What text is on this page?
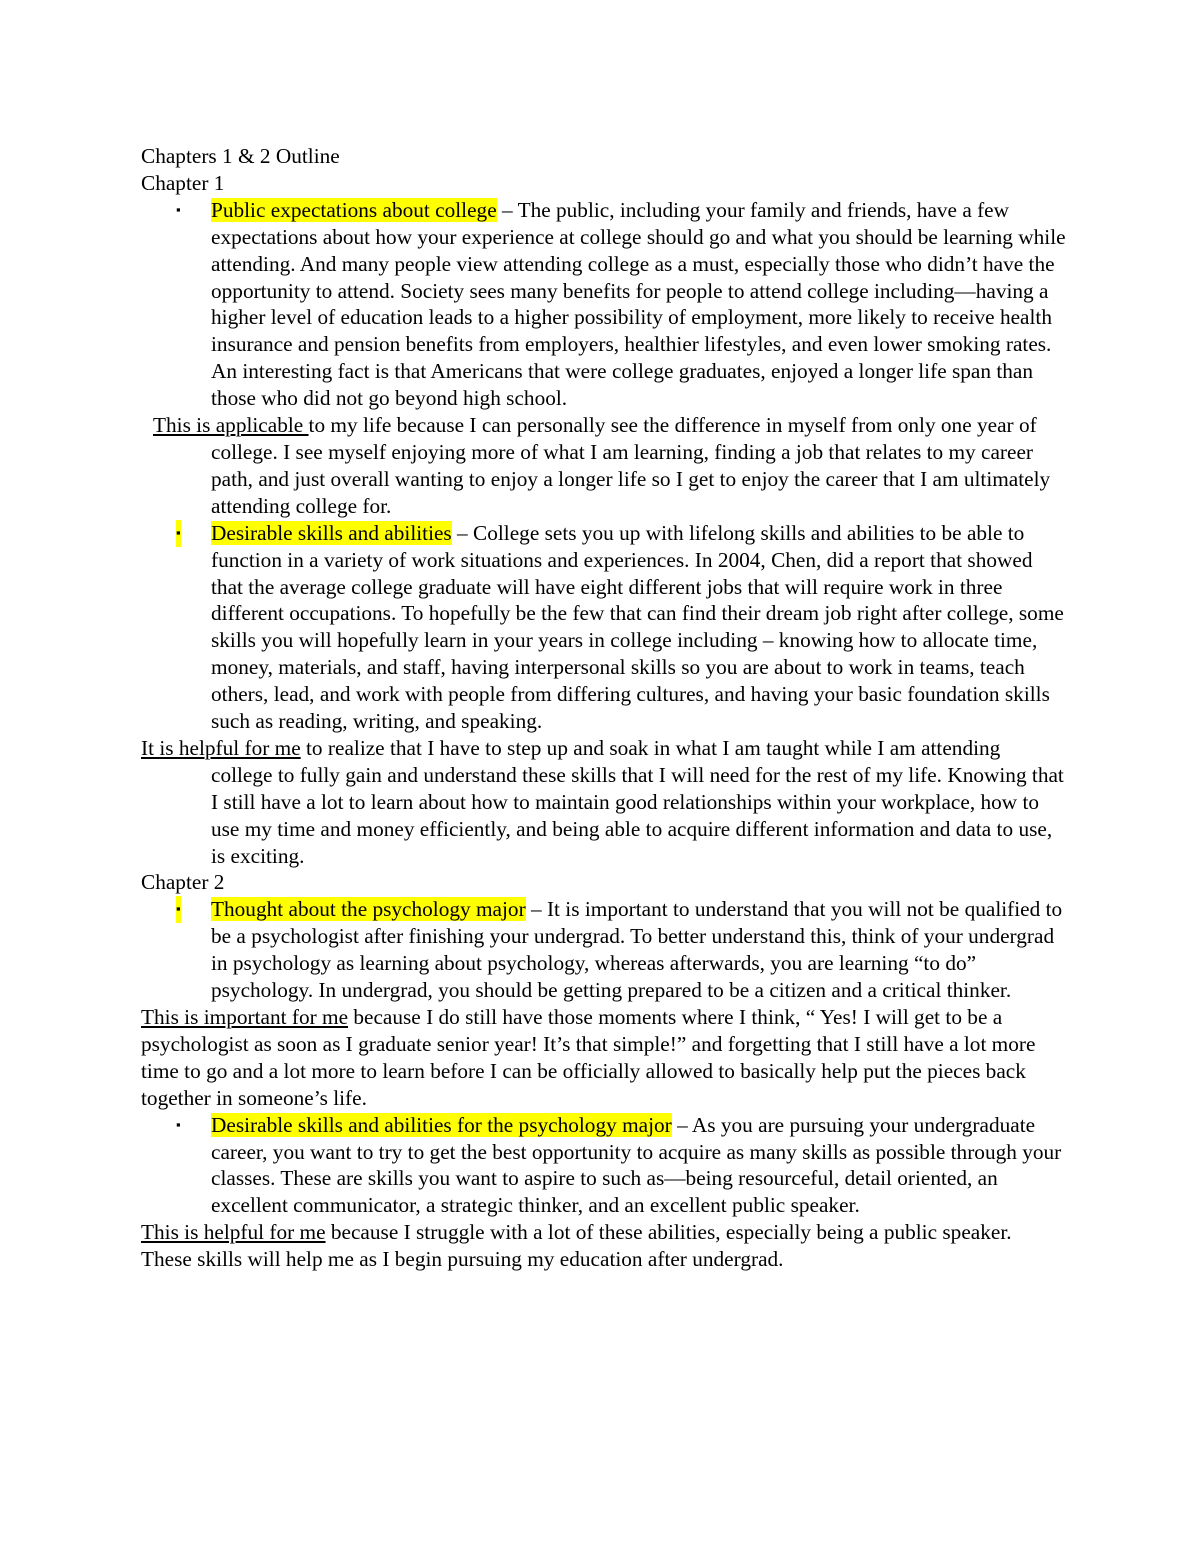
Chapters 1 & 2 Outline

Chapter 1

▪ Public expectations about college – The public, including your family and friends, have a few expectations about how your experience at college should go and what you should be learning while attending. And many people view attending college as a must, especially those who didn’t have the opportunity to attend. Society sees many benefits for people to attend college including—having a higher level of education leads to a higher possibility of employment, more likely to receive health insurance and pension benefits from employers, healthier lifestyles, and even lower smoking rates. An interesting fact is that Americans that were college graduates, enjoyed a longer life span than those who did not go beyond high school.

This is applicable to my life because I can personally see the difference in myself from only one year of college. I see myself enjoying more of what I am learning, finding a job that relates to my career path, and just overall wanting to enjoy a longer life so I get to enjoy the career that I am ultimately attending college for.

▪ Desirable skills and abilities – College sets you up with lifelong skills and abilities to be able to function in a variety of work situations and experiences. In 2004, Chen, did a report that showed that the average college graduate will have eight different jobs that will require work in three different occupations. To hopefully be the few that can find their dream job right after college, some skills you will hopefully learn in your years in college including – knowing how to allocate time, money, materials, and staff, having interpersonal skills so you are about to work in teams, teach others, lead, and work with people from differing cultures, and having your basic foundation skills such as reading, writing, and speaking.

It is helpful for me to realize that I have to step up and soak in what I am taught while I am attending college to fully gain and understand these skills that I will need for the rest of my life. Knowing that I still have a lot to learn about how to maintain good relationships within your workplace, how to use my time and money efficiently, and being able to acquire different information and data to use, is exciting.

Chapter 2

▪ Thought about the psychology major – It is important to understand that you will not be qualified to be a psychologist after finishing your undergrad. To better understand this, think of your undergrad in psychology as learning about psychology, whereas afterwards, you are learning “to do” psychology. In undergrad, you should be getting prepared to be a citizen and a critical thinker.

This is important for me because I do still have those moments where I think, “ Yes! I will get to be a psychologist as soon as I graduate senior year! It’s that simple!” and forgetting that I still have a lot more time to go and a lot more to learn before I can be officially allowed to basically help put the pieces back together in someone’s life.

▪ Desirable skills and abilities for the psychology major – As you are pursuing your undergraduate career, you want to try to get the best opportunity to acquire as many skills as possible through your classes. These are skills you want to aspire to such as—being resourceful, detail oriented, an excellent communicator, a strategic thinker, and an excellent public speaker.

This is helpful for me because I struggle with a lot of these abilities, especially being a public speaker. These skills will help me as I begin pursuing my education after undergrad.
